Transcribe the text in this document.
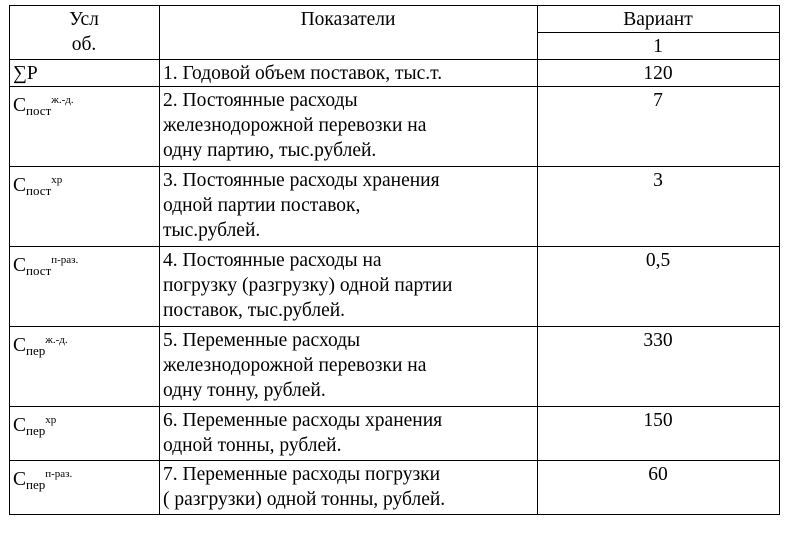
Усл
об.	Показатели	Вариант
		1
∑P	1. Годовой объем поставок, тыс.т.	120
$C_{пост}^{ж.-д.}$	2. Постоянные расходы
железнодорожной перевозки на
одну партию, тыс.рублей.	7
$C_{пост}^{хр}$	3. Постоянные расходы хранения
одной партии поставок,
тыс.рублей.	3
$C_{пост}^{п-раз.}$	4. Постоянные расходы на
погрузку (разгрузку) одной партии
поставок, тыс.рублей.	0,5
$C_{пер}^{ж.-д.}$	5. Переменные расходы
железнодорожной перевозки на
одну тонну, рублей.	330
$C_{пер}^{хр}$	6. Переменные расходы хранения
одной тонны, рублей.	150
$C_{пер}^{п-раз.}$	7. Переменные расходы погрузки
( разгрузки) одной тонны, рублей.	60
